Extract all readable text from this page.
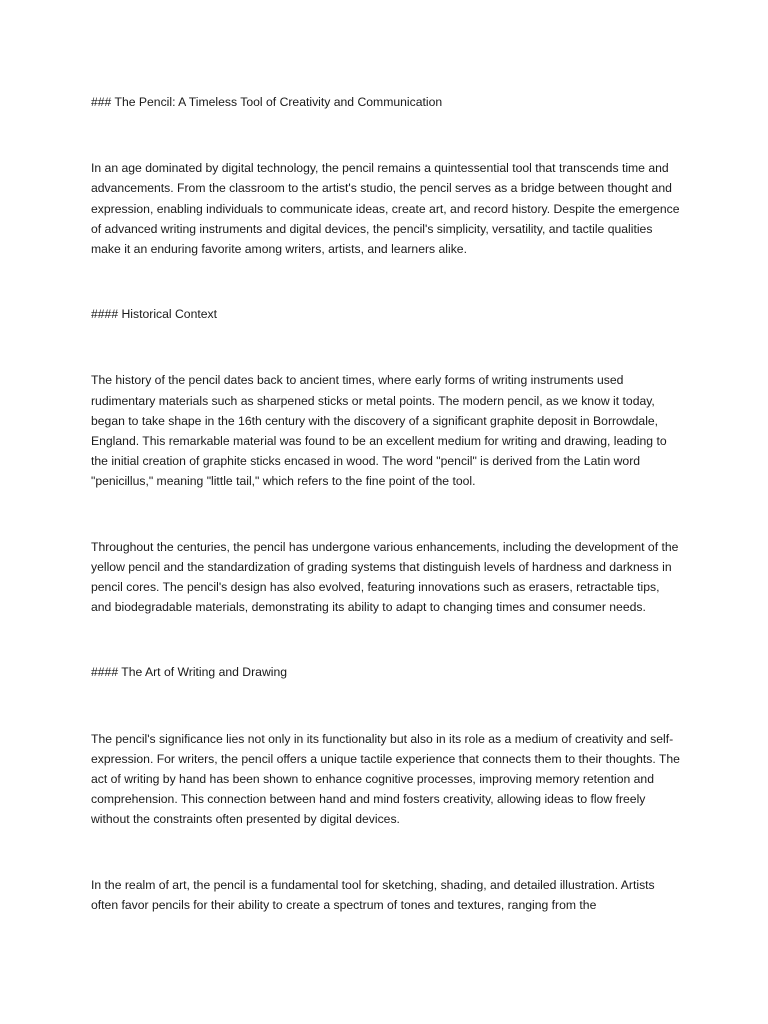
### The Pencil: A Timeless Tool of Creativity and Communication

In an age dominated by digital technology, the pencil remains a quintessential tool that transcends time and advancements. From the classroom to the artist's studio, the pencil serves as a bridge between thought and expression, enabling individuals to communicate ideas, create art, and record history. Despite the emergence of advanced writing instruments and digital devices, the pencil's simplicity, versatility, and tactile qualities make it an enduring favorite among writers, artists, and learners alike.

#### Historical Context

The history of the pencil dates back to ancient times, where early forms of writing instruments used rudimentary materials such as sharpened sticks or metal points. The modern pencil, as we know it today, began to take shape in the 16th century with the discovery of a significant graphite deposit in Borrowdale, England. This remarkable material was found to be an excellent medium for writing and drawing, leading to the initial creation of graphite sticks encased in wood. The word "pencil" is derived from the Latin word "penicillus," meaning "little tail," which refers to the fine point of the tool.

Throughout the centuries, the pencil has undergone various enhancements, including the development of the yellow pencil and the standardization of grading systems that distinguish levels of hardness and darkness in pencil cores. The pencil's design has also evolved, featuring innovations such as erasers, retractable tips, and biodegradable materials, demonstrating its ability to adapt to changing times and consumer needs.

#### The Art of Writing and Drawing

The pencil's significance lies not only in its functionality but also in its role as a medium of creativity and self-expression. For writers, the pencil offers a unique tactile experience that connects them to their thoughts. The act of writing by hand has been shown to enhance cognitive processes, improving memory retention and comprehension. This connection between hand and mind fosters creativity, allowing ideas to flow freely without the constraints often presented by digital devices.

In the realm of art, the pencil is a fundamental tool for sketching, shading, and detailed illustration. Artists often favor pencils for their ability to create a spectrum of tones and textures, ranging from the
